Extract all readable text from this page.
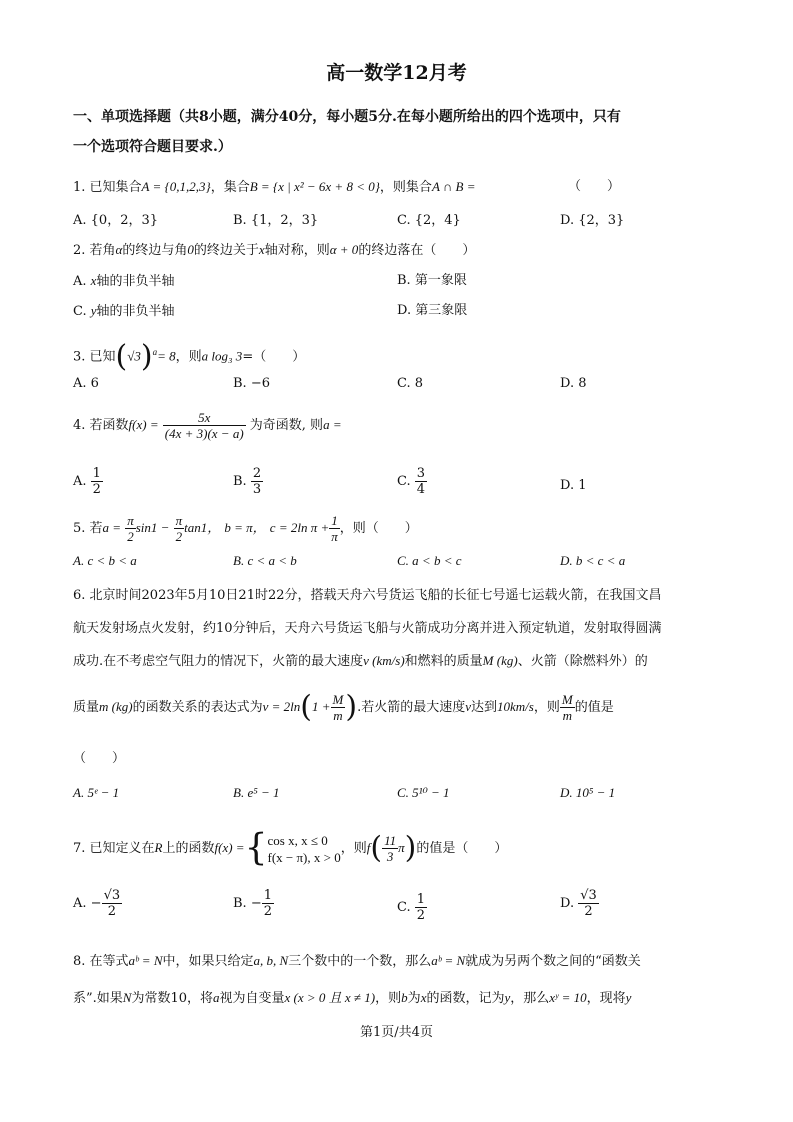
高一数学12月考
一、单项选择题（共8小题，满分40分，每小题5分.在每小题所给出的四个选项中，只有
一个选项符合题目要求.）
1. 已知集合A = {0,1,2,3}，集合B = {x | x² − 6x + 8 < 0}，则集合A ∩ B =	（　　）
A. {0，2，3}	B. {1，2，3}	C. {2，4}	D. {2，3}
2. 若角α的终边与角0的终边关于x轴对称，则α + 0的终边落在（　　）
A. x轴的非负半轴	B. 第一象限
C. y轴的非负半轴	D. 第三象限
3. 已知$(√3)^a= 8$，则a log₃ 3=（　　）
A. 6	B. −6	C. 8	D. 8
4. 若函数$f(x) = \frac{5x}{(4x + 3)(x - a)}$ 为奇函数, 则a =
A. $\frac{1}{2}$	B. $\frac{2}{3}$	C. $\frac{3}{4}$	D. 1
5. 若$a = \frac{\pi}{2} \sin 1 - \frac{\pi}{2} \tan 1$， b = π， c = 2ln $\pi + \frac{1}{\pi}$ ，则（　　）
A. c < b < a	B. c < a < b	C. a < b < c	D. b < c < a
6. 北京时间2023年5月10日21时22分，搭载天舟六号货运飞船的长征七号遥七运载火箭，在我国文昌
航天发射场点火发射，约10分钟后，天舟六号货运飞船与火箭成功分离并进入预定轨道，发射取得圆满
成功.在不考虑空气阻力的情况下，火箭的最大速度v (km/s)和燃料的质量M (kg)、火箭（除燃料外）的
质量m (kg)的函数关系的表达式为$v = 2\ln(1 + \frac{M}{m}$ ).若火箭的最大速度v达到10km/s，则 $\frac{M}{m}$ 的值是
（　　）
A. 5ᵉ − 1	B. e⁵ − 1	C. 5¹⁰ − 1	D. 10⁵ − 1
7. 已知定义在R上的函数f(x) ={ cos x, x ≤ 0
f(x − π), x > 0
，则$f( \frac{11}{3} \pi)$的值是（　　）
A. − $\frac{√3}{2}$	B. − $\frac{1}{2}$	C. $\frac{1}{2}$	D. $\frac{√3}{2}$
8. 在等式aᵇ = N中，如果只给定a, b, N三个数中的一个数，那么aᵇ = N就成为另两个数之间的“函数关
系”.如果N为常数10，将a视为自变量x (x > 0 且 x ≠ 1)，则b为x的函数，记为y，那么xʸ = 10，现将y
第1页/共4页
